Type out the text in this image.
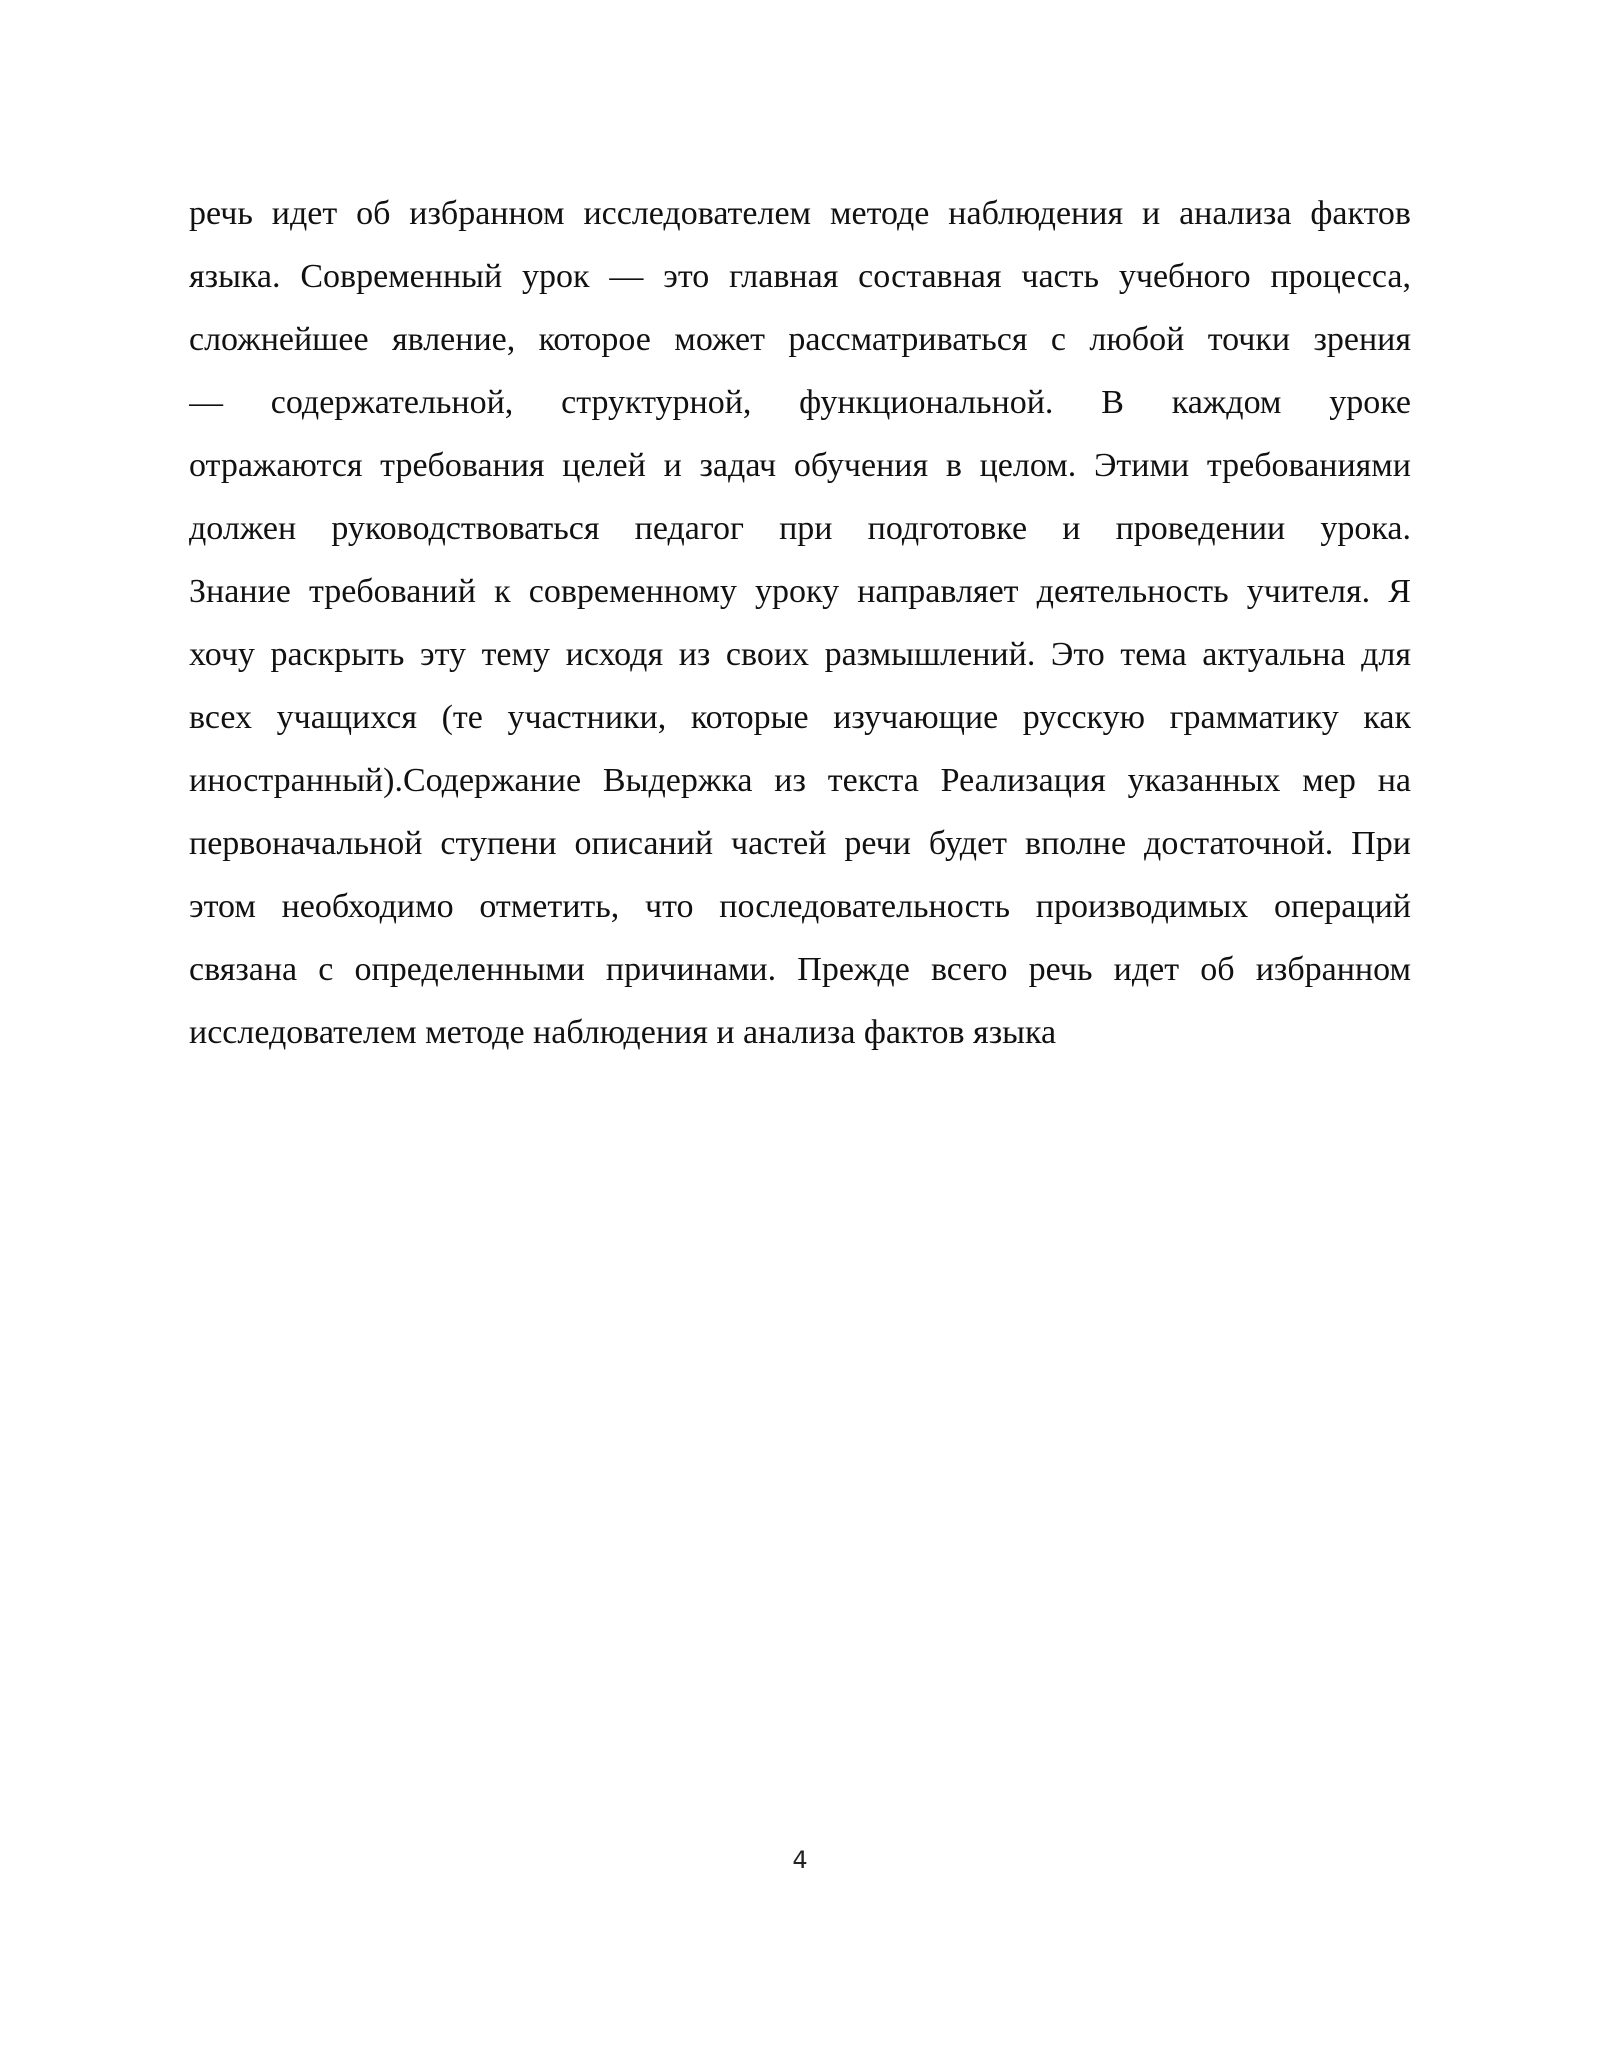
речь идет об избранном исследователем методе наблюдения и анализа фактов
языка. Современный урок — это главная составная часть учебного процесса,
сложнейшее явление, которое может рассматриваться с любой точки зрения
— содержательной, структурной, функциональной. В каждом уроке
отражаются требования целей и задач обучения в целом. Этими требованиями
должен руководствоваться педагог при подготовке и проведении урока.
Знание требований к современному уроку направляет деятельность учителя. Я
хочу раскрыть эту тему исходя из своих размышлений. Это тема актуальна для
всех учащихся (те участники, которые изучающие русскую грамматику как
иностранный).Содержание Выдержка из текста Реализация указанных мер на
первоначальной ступени описаний частей речи будет вполне достаточной. При
этом необходимо отметить, что последовательность производимых операций
связана с определенными причинами. Прежде всего речь идет об избранном
исследователем методе наблюдения и анализа фактов языка
4
